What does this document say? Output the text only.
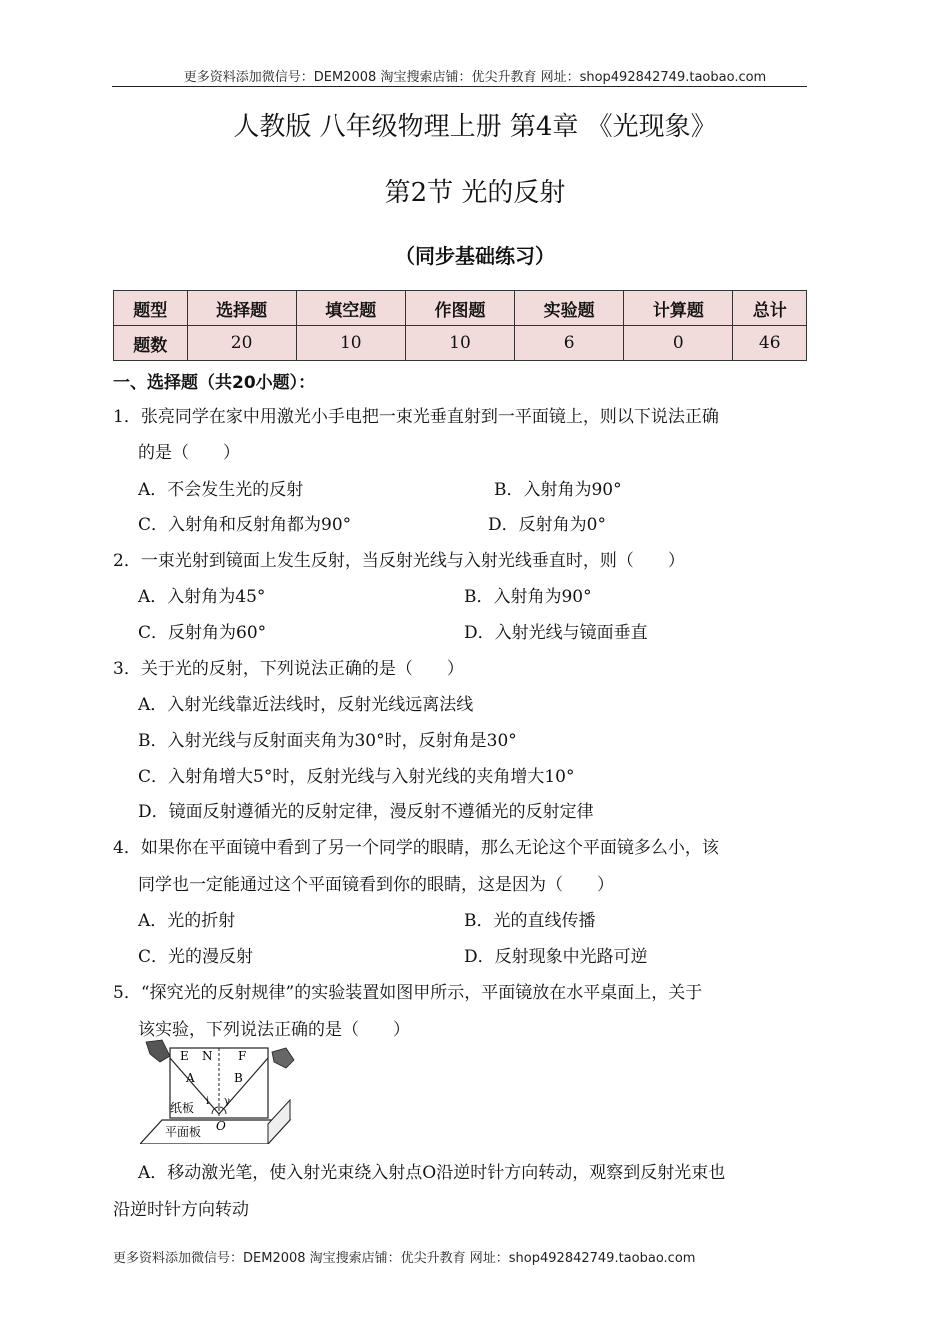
更多资料添加微信号：DEM2008 淘宝搜索店铺：优尖升教育 网址：shop492842749.taobao.com
人教版 八年级物理上册 第4章 《光现象》
第2节 光的反射
（同步基础练习）
题型	选择题	填空题	作图题	实验题	计算题	总计
题数	20	10	10	6	0	46
一、选择题（共20小题）：
1．张亮同学在家中用激光小手电把一束光垂直射到一平面镜上，则以下说法正确
的是（　　）
A．不会发生光的反射	B．入射角为90°
C．入射角和反射角都为90°	D．反射角为0°
2．一束光射到镜面上发生反射，当反射光线与入射光线垂直时，则（　　）
A．入射角为45°	B．入射角为90°
C．反射角为60°	D．入射光线与镜面垂直
3．关于光的反射，下列说法正确的是（　　）
A．入射光线靠近法线时，反射光线远离法线
B．入射光线与反射面夹角为30°时，反射角是30°
C．入射角增大5°时，反射光线与入射光线的夹角增大10°
D．镜面反射遵循光的反射定律，漫反射不遵循光的反射定律
4．如果你在平面镜中看到了另一个同学的眼睛，那么无论这个平面镜多么小，该
同学也一定能通过这个平面镜看到你的眼睛，这是因为（　　）
A．光的折射	B．光的直线传播
C．光的漫反射	D．反射现象中光路可逆
5．“探究光的反射规律”的实验装置如图甲所示，平面镜放在水平桌面上，关于
该实验，下列说法正确的是（　　）
E N F
A	B
i γ
O
纸板
平面板
A．移动激光笔，使入射光束绕入射点O沿逆时针方向转动，观察到反射光束也
沿逆时针方向转动
更多资料添加微信号：DEM2008 淘宝搜索店铺：优尖升教育 网址：shop492842749.taobao.com
